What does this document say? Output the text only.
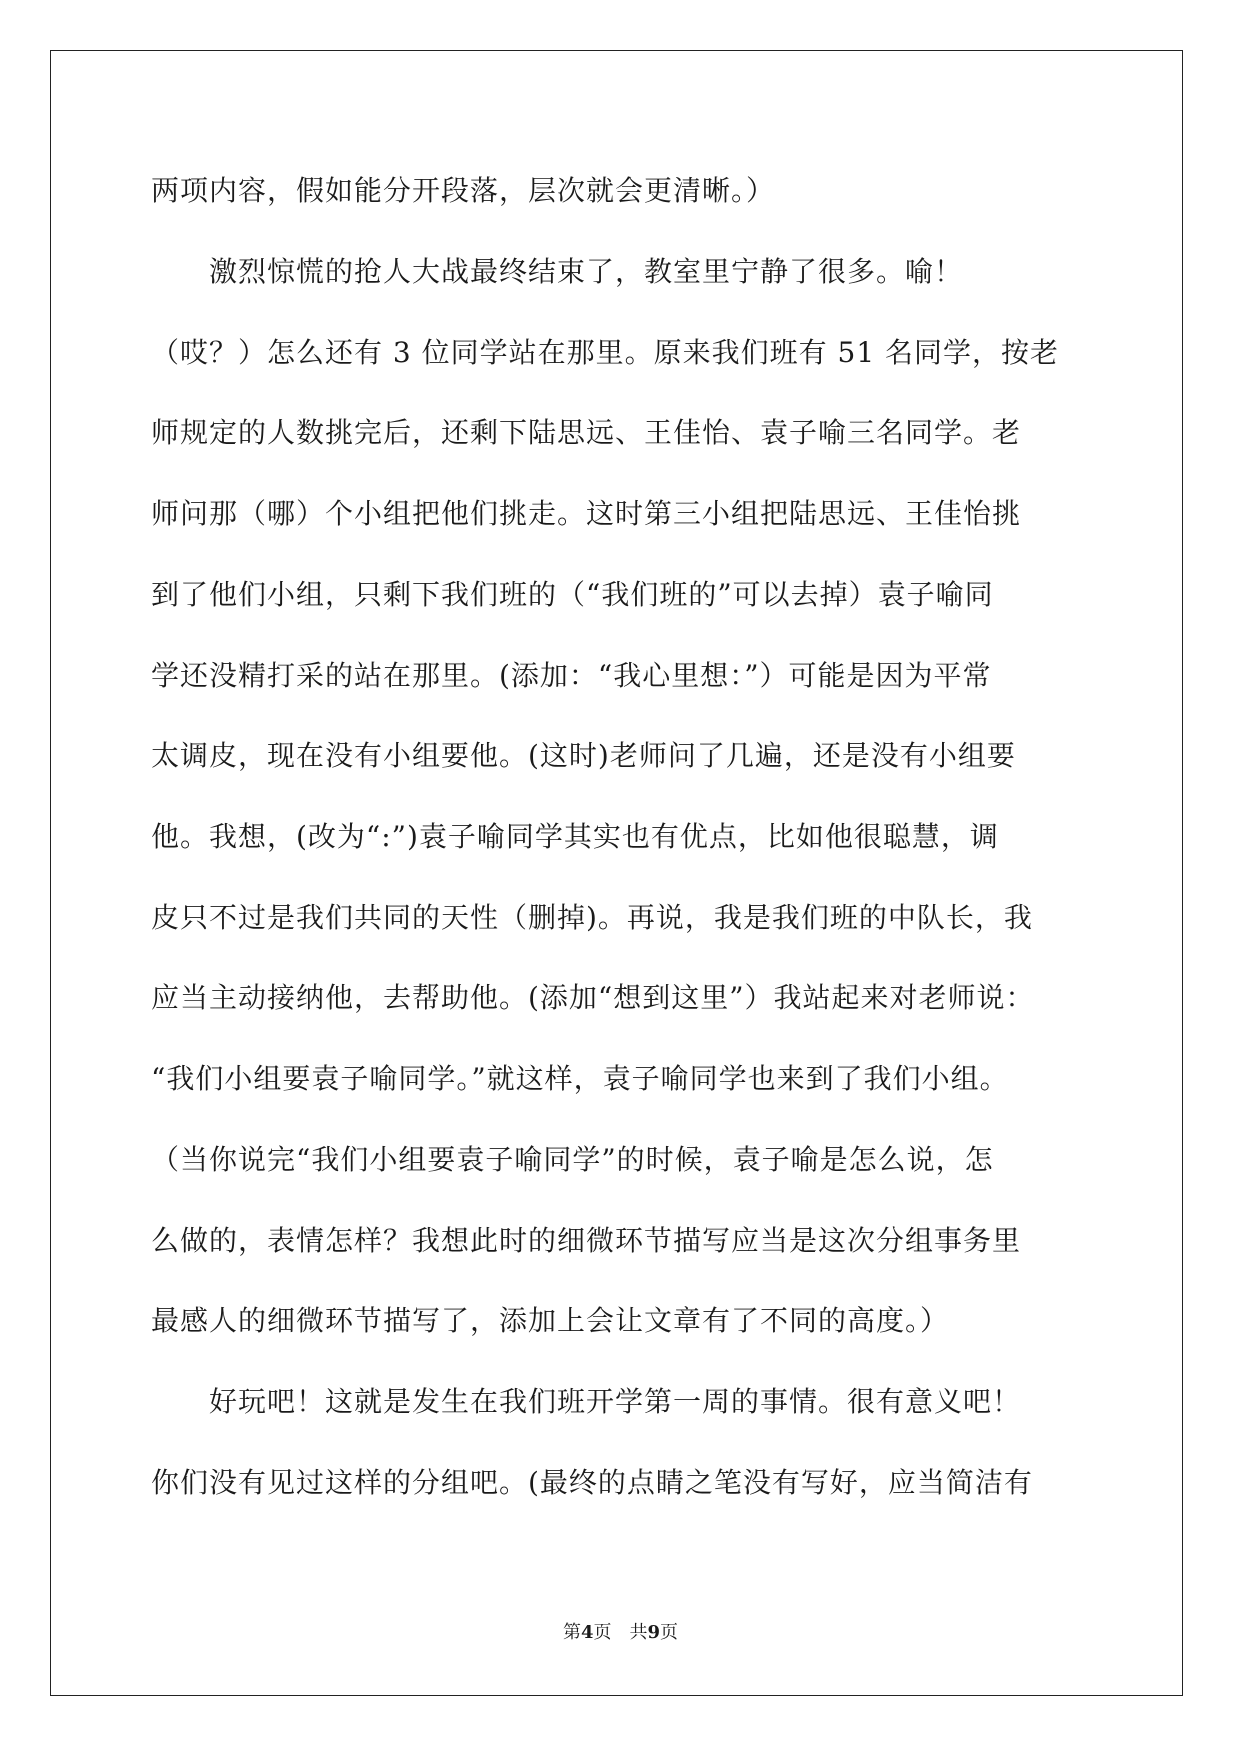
两项内容，假如能分开段落，层次就会更清晰。）
　　激烈惊慌的抢人大战最终结束了，教室里宁静了很多。喻！
（哎？）怎么还有 3 位同学站在那里。原来我们班有 51 名同学，按老
师规定的人数挑完后，还剩下陆思远、王佳怡、袁子喻三名同学。老
师问那（哪）个小组把他们挑走。这时第三小组把陆思远、王佳怡挑
到了他们小组，只剩下我们班的（“我们班的”可以去掉）袁子喻同
学还没精打采的站在那里。(添加：“我心里想：”）可能是因为平常
太调皮，现在没有小组要他。(这时)老师问了几遍，还是没有小组要
他。我想，(改为“:”)袁子喻同学其实也有优点，比如他很聪慧，调
皮只不过是我们共同的天性（删掉)。再说，我是我们班的中队长，我
应当主动接纳他，去帮助他。(添加“想到这里”）我站起来对老师说：
“我们小组要袁子喻同学。”就这样，袁子喻同学也来到了我们小组。
（当你说完“我们小组要袁子喻同学”的时候，袁子喻是怎么说，怎
么做的，表情怎样？我想此时的细微环节描写应当是这次分组事务里
最感人的细微环节描写了，添加上会让文章有了不同的高度。）
　　好玩吧！这就是发生在我们班开学第一周的事情。很有意义吧！
你们没有见过这样的分组吧。(最终的点睛之笔没有写好，应当简洁有
第4页　共9页
